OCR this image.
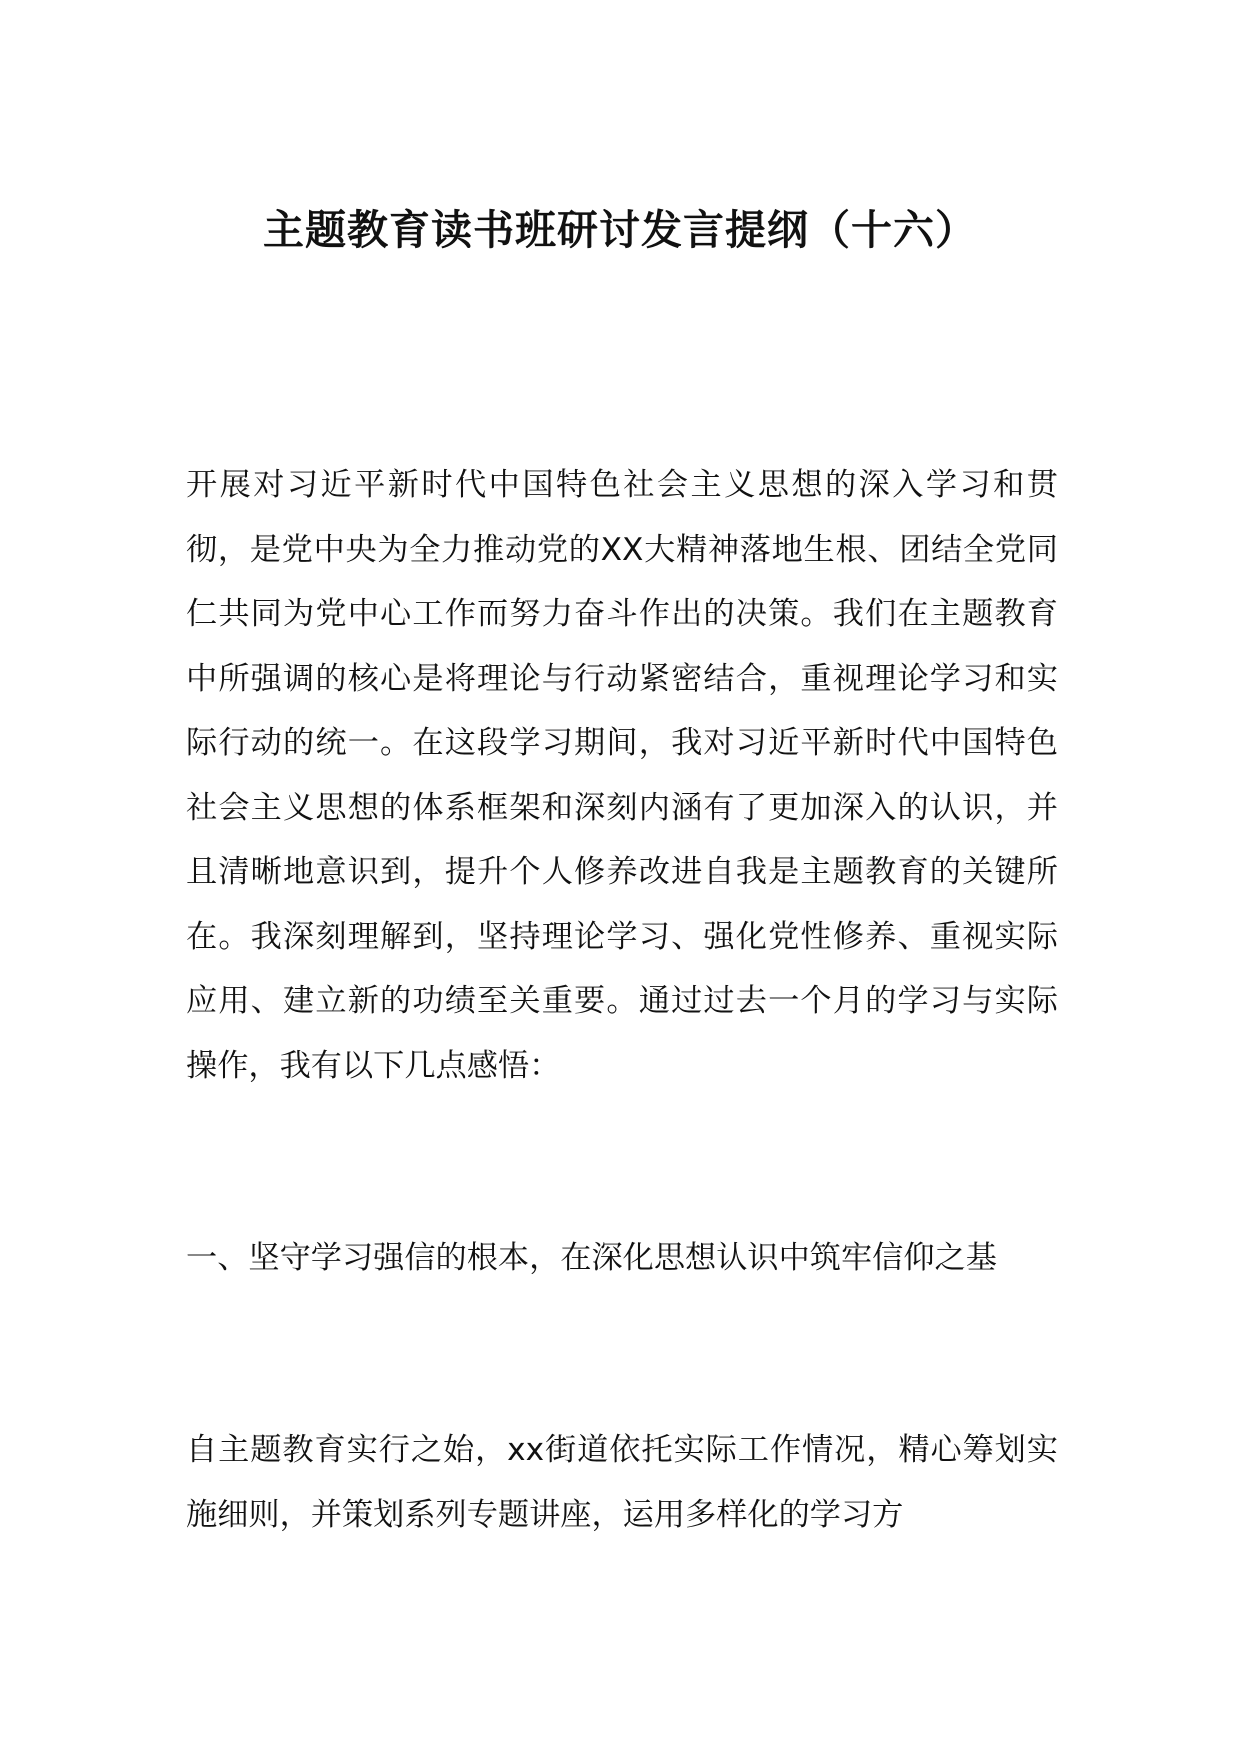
主题教育读书班研讨发言提纲（十六）

开展对习近平新时代中国特色社会主义思想的深入学习和贯彻，是党中央为全力推动党的XX大精神落地生根、团结全党同仁共同为党中心工作而努力奋斗作出的决策。我们在主题教育中所强调的核心是将理论与行动紧密结合，重视理论学习和实际行动的统一。在这段学习期间，我对习近平新时代中国特色社会主义思想的体系框架和深刻内涵有了更加深入的认识，并且清晰地意识到，提升个人修养改进自我是主题教育的关键所在。我深刻理解到，坚持理论学习、强化党性修养、重视实际应用、建立新的功绩至关重要。通过过去一个月的学习与实际操作，我有以下几点感悟：

一、坚守学习强信的根本，在深化思想认识中筑牢信仰之基

自主题教育实行之始，xx街道依托实际工作情况，精心筹划实施细则，并策划系列专题讲座，运用多样化的学习方
